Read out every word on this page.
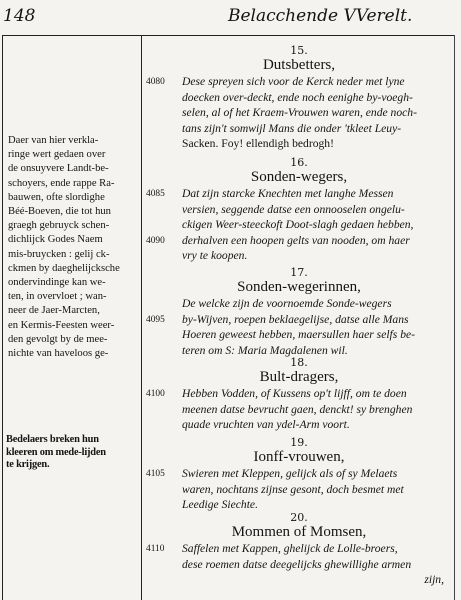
148	Belacchende VVerelt.
Daer van hier verkla-
ringe wert gedaen over
de onsuyvere Landt-be-
schoyers, ende rappe Ra-
bauwen, ofte slordighe
Béé-Boeven, die tot hun
graegh gebruyck schen-
dichlijck Godes Naem
mis-bruycken : gelij ck-
ckmen by daeghelijcksche
ondervindinge kan we-
ten, in overvloet ; wan-
neer de Jaer-Marcten,
en Kermis-Feesten weer-
den gevolgt by de mee-
nichte van haveloos ge-
Bedelaers breken hun
kleeren om mede-lijden
te krijgen.
15.
Dutsbetters,
4080 Dese spreyen sich voor de Kerck neder met lyne
doecken over-deckt, ende noch eenighe by-voegh-
selen, al of het Kraem-Vrouwen waren, ende noch-
tans zijn't somwijl Mans die onder 'tkleet Leuy-
Sacken. Foy! ellendigh bedrogh!
16.
Sonden-wegers,
4085 Dat zijn starcke Knechten met langhe Messen
versien, seggende datse een onnooselen ongelu-
ckigen Weer-steeckoft Doot-slagh gedaen hebben,
4090 derhalven een hoopen gelts van nooden, om haer
vry te koopen.
17.
Sonden-wegerinnen,
De welcke zijn de voornoemde Sonde-wegers
4095 by-Wijven, roepen beklaegelijse, datse alle Mans
Hoeren geweest hebben, maersullen haer selfs be-
teren om S: Maria Magdalenen wil.
18.
Bult-dragers,
4100 Hebben Vodden, of Kussens op't lijff, om te doen
meenen datse bevrucht gaen, denckt! sy brenghen
quade vruchten van ydel-Arm voort.
19.
Ionff-vrouwen,
4105 Swieren met Kleppen, gelijck als of sy Melaets
waren, nochtans zijnse gesont, doch besmet met
Leedige Siechte.
20.
Mommen of Momsen,
4110 Saffelen met Kappen, ghelijck de Lolle-broers,
dese roemen datse deegelijcks ghewillighe armen
zijn,
